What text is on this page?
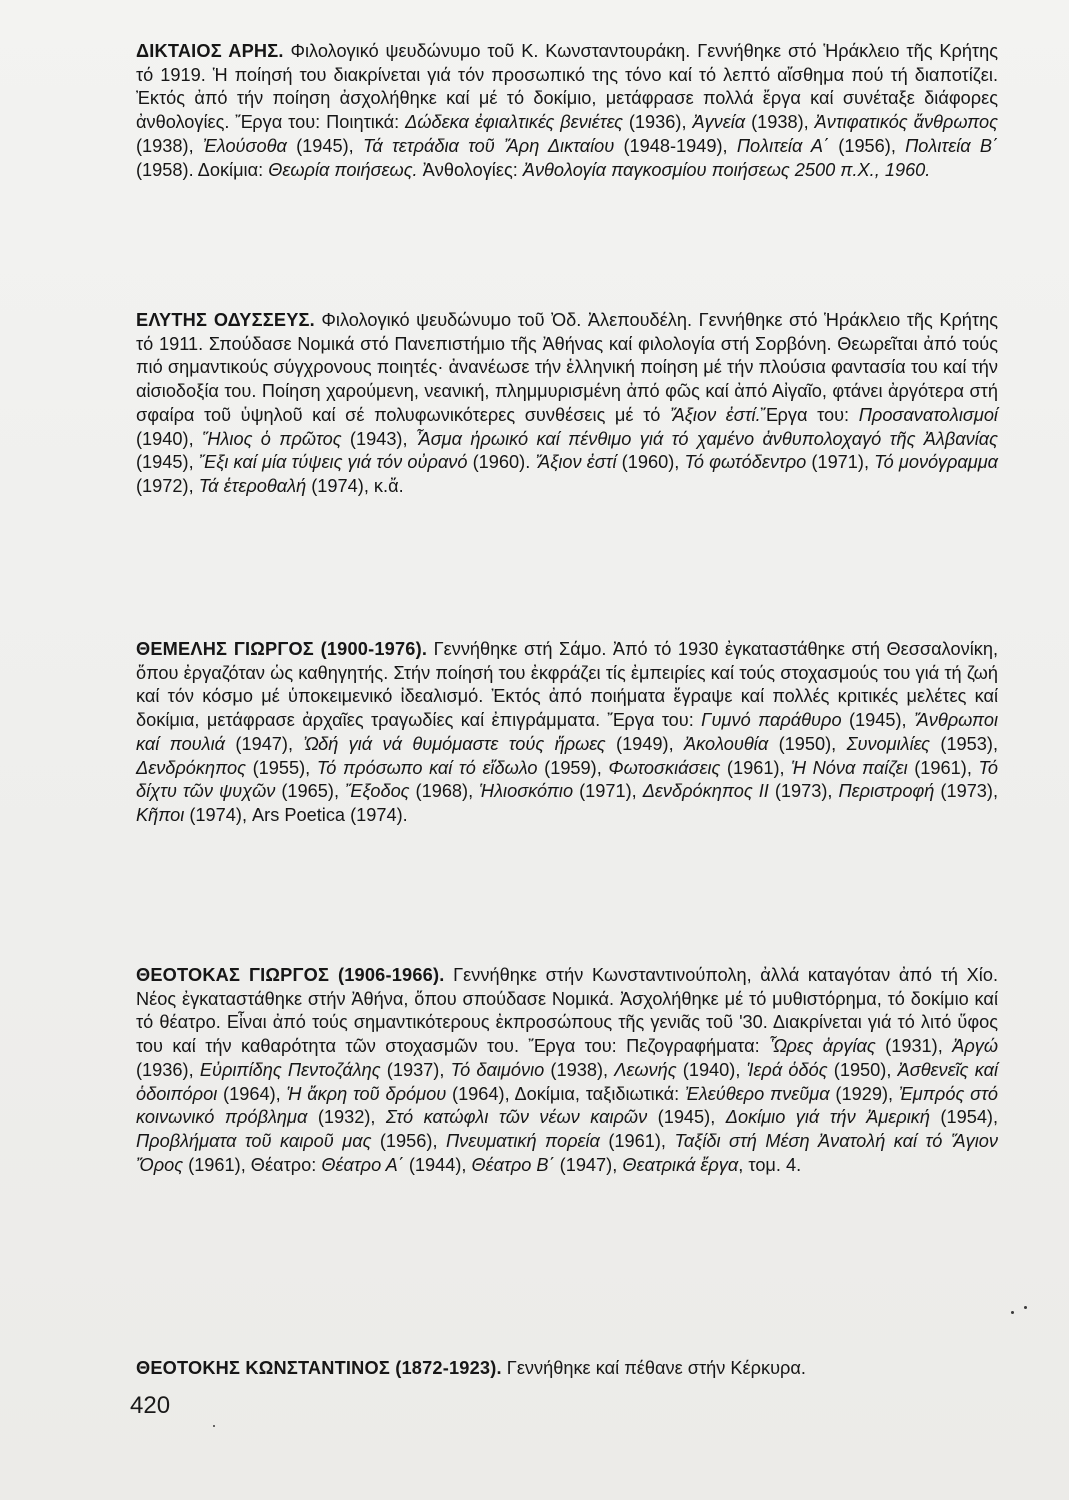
ΔΙΚΤΑΙΟΣ ΑΡΗΣ. Φιλολογικό ψευδώνυμο τοῦ Κ. Κωνσταντουράκη. Γεννήθηκε στό Ἡράκλειο τῆς Κρήτης τό 1919. Ἡ ποίησή του διακρίνεται γιά τόν προσωπικό της τόνο καί τό λεπτό αἴσθημα πού τή διαποτίζει. Ἐκτός ἀπό τήν ποίηση ἀσχολήθηκε καί μέ τό δοκίμιο, μετάφρασε πολλά ἔργα καί συνέταξε διάφορες ἀνθολογίες. Ἔργα του: Ποιητικά: Δώδεκα ἐφιαλτικές βενιέτες (1936), Ἀγνεία (1938), Ἀντιφατικός ἄνθρωπος (1938), Ἐλούσοθα (1945), Τά τετράδια τοῦ Ἄρη Δικταίου (1948-1949), Πολιτεία Α΄ (1956), Πολιτεία Β΄ (1958). Δοκίμια: Θεωρία ποιήσεως. Ἀνθολογίες: Ἀνθολογία παγκοσμίου ποιήσεως 2500 π.Χ., 1960.

ΕΛΥΤΗΣ ΟΔΥΣΣΕΥΣ. Φιλολογικό ψευδώνυμο τοῦ Ὀδ. Ἀλεπουδέλη. Γεννήθηκε στό Ἡράκλειο τῆς Κρήτης τό 1911. Σπούδασε Νομικά στό Πανεπιστήμιο τῆς Ἀθήνας καί φιλολογία στή Σορβόνη. Θεωρεῖται ἀπό τούς πιό σημαντικούς σύγχρονους ποιητές· ἀνανέωσε τήν ἑλληνική ποίηση μέ τήν πλούσια φαντασία του καί τήν αἰσιοδοξία του. Ποίηση χαρούμενη, νεανική, πλημμυρισμένη ἀπό φῶς καί ἀπό Αἰγαῖο, φτάνει ἀργότερα στή σφαίρα τοῦ ὑψηλοῦ καί σέ πολυφωνικότερες συνθέσεις μέ τό Ἄξιον ἐστί.Ἔργα του: Προσανατολισμοί (1940), Ἥλιος ὁ πρῶτος (1943), Ἆσμα ἡρωικό καί πένθιμο γιά τό χαμένο ἀνθυπολοχαγό τῆς Ἀλβανίας (1945), Ἔξι καί μία τύψεις γιά τόν οὐρανό (1960). Ἄξιον ἐστί (1960), Τό φωτόδεντρο (1971), Τό μονόγραμμα (1972), Τά ἑτεροθαλή (1974), κ.ἄ.

ΘΕΜΕΛΗΣ ΓΙΩΡΓΟΣ (1900-1976). Γεννήθηκε στή Σάμο. Ἀπό τό 1930 ἐγκαταστάθηκε στή Θεσσαλονίκη, ὅπου ἐργαζόταν ὡς καθηγητής. Στήν ποίησή του ἐκφράζει τίς ἐμπειρίες καί τούς στοχασμούς του γιά τή ζωή καί τόν κόσμο μέ ὑποκειμενικό ἰδεαλισμό. Ἐκτός ἀπό ποιήματα ἔγραψε καί πολλές κριτικές μελέτες καί δοκίμια, μετάφρασε ἀρχαῖες τραγωδίες καί ἐπιγράμματα. Ἔργα του: Γυμνό παράθυρο (1945), Ἄνθρωποι καί πουλιά (1947), Ὠδή γιά νά θυμόμαστε τούς ἥρωες (1949), Ἀκολουθία (1950), Συνομιλίες (1953), Δενδρόκηπος (1955), Τό πρόσωπο καί τό εἴδωλο (1959), Φωτοσκιάσεις (1961), Ἡ Νόνα παίζει (1961), Τό δίχτυ τῶν ψυχῶν (1965), Ἔξοδος (1968), Ἡλιοσκόπιο (1971), Δενδρόκηπος II (1973), Περιστροφή (1973), Κῆποι (1974), Ars Poetica (1974).

ΘΕΟΤΟΚΑΣ ΓΙΩΡΓΟΣ (1906-1966). Γεννήθηκε στήν Κωνσταντινούπολη, ἀλλά καταγόταν ἀπό τή Χίο. Νέος ἐγκαταστάθηκε στήν Ἀθήνα, ὅπου σπούδασε Νομικά. Ἀσχολήθηκε μέ τό μυθιστόρημα, τό δοκίμιο καί τό θέατρο. Εἶναι ἀπό τούς σημαντικότερους ἐκπροσώπους τῆς γενιᾶς τοῦ '30. Διακρίνεται γιά τό λιτό ὕφος του καί τήν καθαρότητα τῶν στοχασμῶν του. Ἔργα του: Πεζογραφήματα: Ὧρες ἀργίας (1931), Ἀργώ (1936), Εὐριπίδης Πεντοζάλης (1937), Τό δαιμόνιο (1938), Λεωνής (1940), Ἱερά ὁδός (1950), Ἀσθενεῖς καί ὁδοιπόροι (1964), Ἡ ἄκρη τοῦ δρόμου (1964), Δοκίμια, ταξιδιωτικά: Ἐλεύθερο πνεῦμα (1929), Ἐμπρός στό κοινωνικό πρόβλημα (1932), Στό κατώφλι τῶν νέων καιρῶν (1945), Δοκίμιο γιά τήν Ἀμερική (1954), Προβλήματα τοῦ καιροῦ μας (1956), Πνευματική πορεία (1961), Ταξίδι στή Μέση Ἀνατολή καί τό Ἅγιον Ὄρος (1961), Θέατρο: Θέατρο Α΄ (1944), Θέατρο Β΄ (1947), Θεατρικά ἔργα, τομ. 4.

ΘΕΟΤΟΚΗΣ ΚΩΝΣΤΑΝΤΙΝΟΣ (1872-1923). Γεννήθηκε καί πέθανε στήν Κέρκυρα.

420
